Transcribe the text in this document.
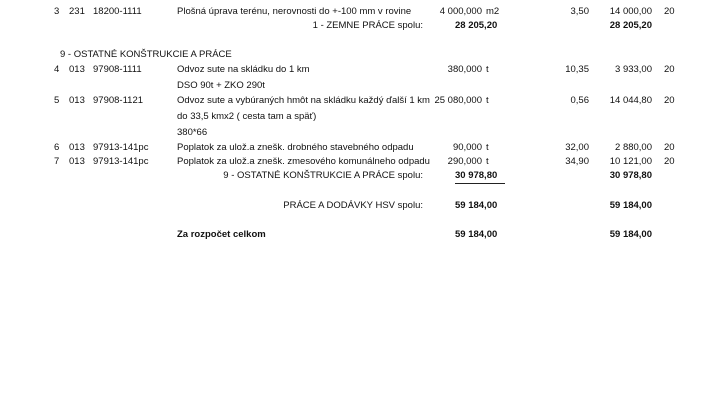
3 231 18200-1111	Plošná úprava terénu, nerovnosti do +-100 mm v rovine	4 000,000 m2	3,50 14 000,00 20
1 - ZEMNE PRÁCE spolu:	28 205,20	28 205,20
9 - OSTATNÉ KONŠTRUKCIE A PRÁCE
4 013 97908-1111	Odvoz sute na skládku do 1 km
DSO 90t + ZKO 290t
380,000 t	10,35	3 933,00 20
5 013 97908-1121	Odvoz sute a vybúraných hmôt na skládku každý ďalší 1 km
do 33,5 kmx2 ( cesta tam a späť)
380*66
25 080,000 t	0,56 14 044,80 20
6 013 97913-141pc	Poplatok za ulož.a znešk. drobného stavebného odpadu	90,000 t	32,00	2 880,00 20
7 013 97913-141pc	Poplatok za ulož.a znešk. zmesového komunálneho odpadu 290,000 t	34,90 10 121,00 20
9 - OSTATNÉ KONŠTRUKCIE A PRÁCE spolu:	30 978,80	30 978,80
PRÁCE A DODÁVKY HSV spolu:	59 184,00	59 184,00
Za rozpočet celkom	59 184,00	59 184,00
